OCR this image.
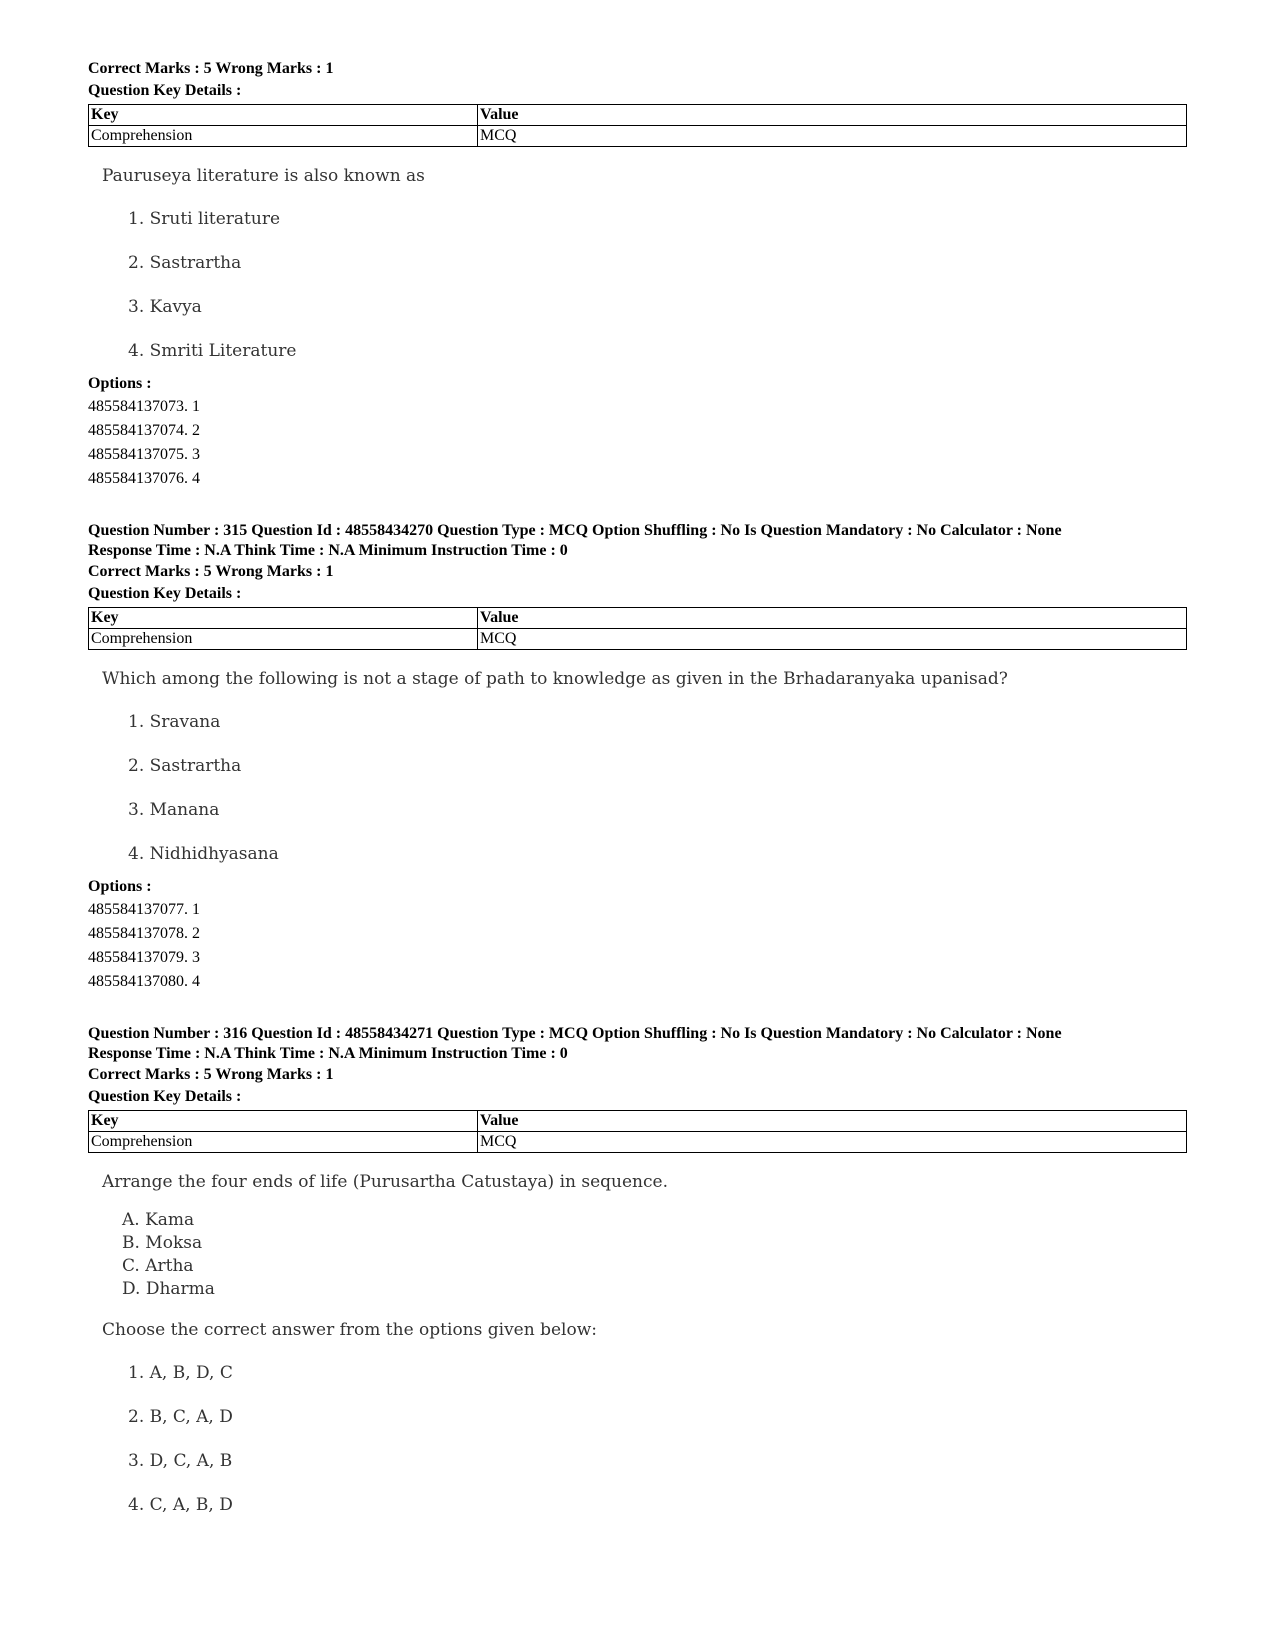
Correct Marks : 5 Wrong Marks : 1

Question Key Details :

Key	Value
Comprehension	MCQ

Pauruseya literature is also known as

1. Sruti literature

2. Sastrartha

3. Kavya

4. Smriti Literature

Options :

485584137073. 1

485584137074. 2

485584137075. 3

485584137076. 4

Question Number : 315 Question Id : 48558434270 Question Type : MCQ Option Shuffling : No Is Question Mandatory : No Calculator : None

Response Time : N.A Think Time : N.A Minimum Instruction Time : 0

Correct Marks : 5 Wrong Marks : 1

Question Key Details :

Key	Value
Comprehension	MCQ

Which among the following is not a stage of path to knowledge as given in the Brhadaranyaka upanisad?

1. Sravana

2. Sastrartha

3. Manana

4. Nidhidhyasana

Options :

485584137077. 1

485584137078. 2

485584137079. 3

485584137080. 4

Question Number : 316 Question Id : 48558434271 Question Type : MCQ Option Shuffling : No Is Question Mandatory : No Calculator : None

Response Time : N.A Think Time : N.A Minimum Instruction Time : 0

Correct Marks : 5 Wrong Marks : 1

Question Key Details :

Key	Value
Comprehension	MCQ

Arrange the four ends of life (Purusartha Catustaya) in sequence.

A. Kama

B. Moksa

C. Artha

D. Dharma

Choose the correct answer from the options given below:

1. A, B, D, C

2. B, C, A, D

3. D, C, A, B

4. C, A, B, D
